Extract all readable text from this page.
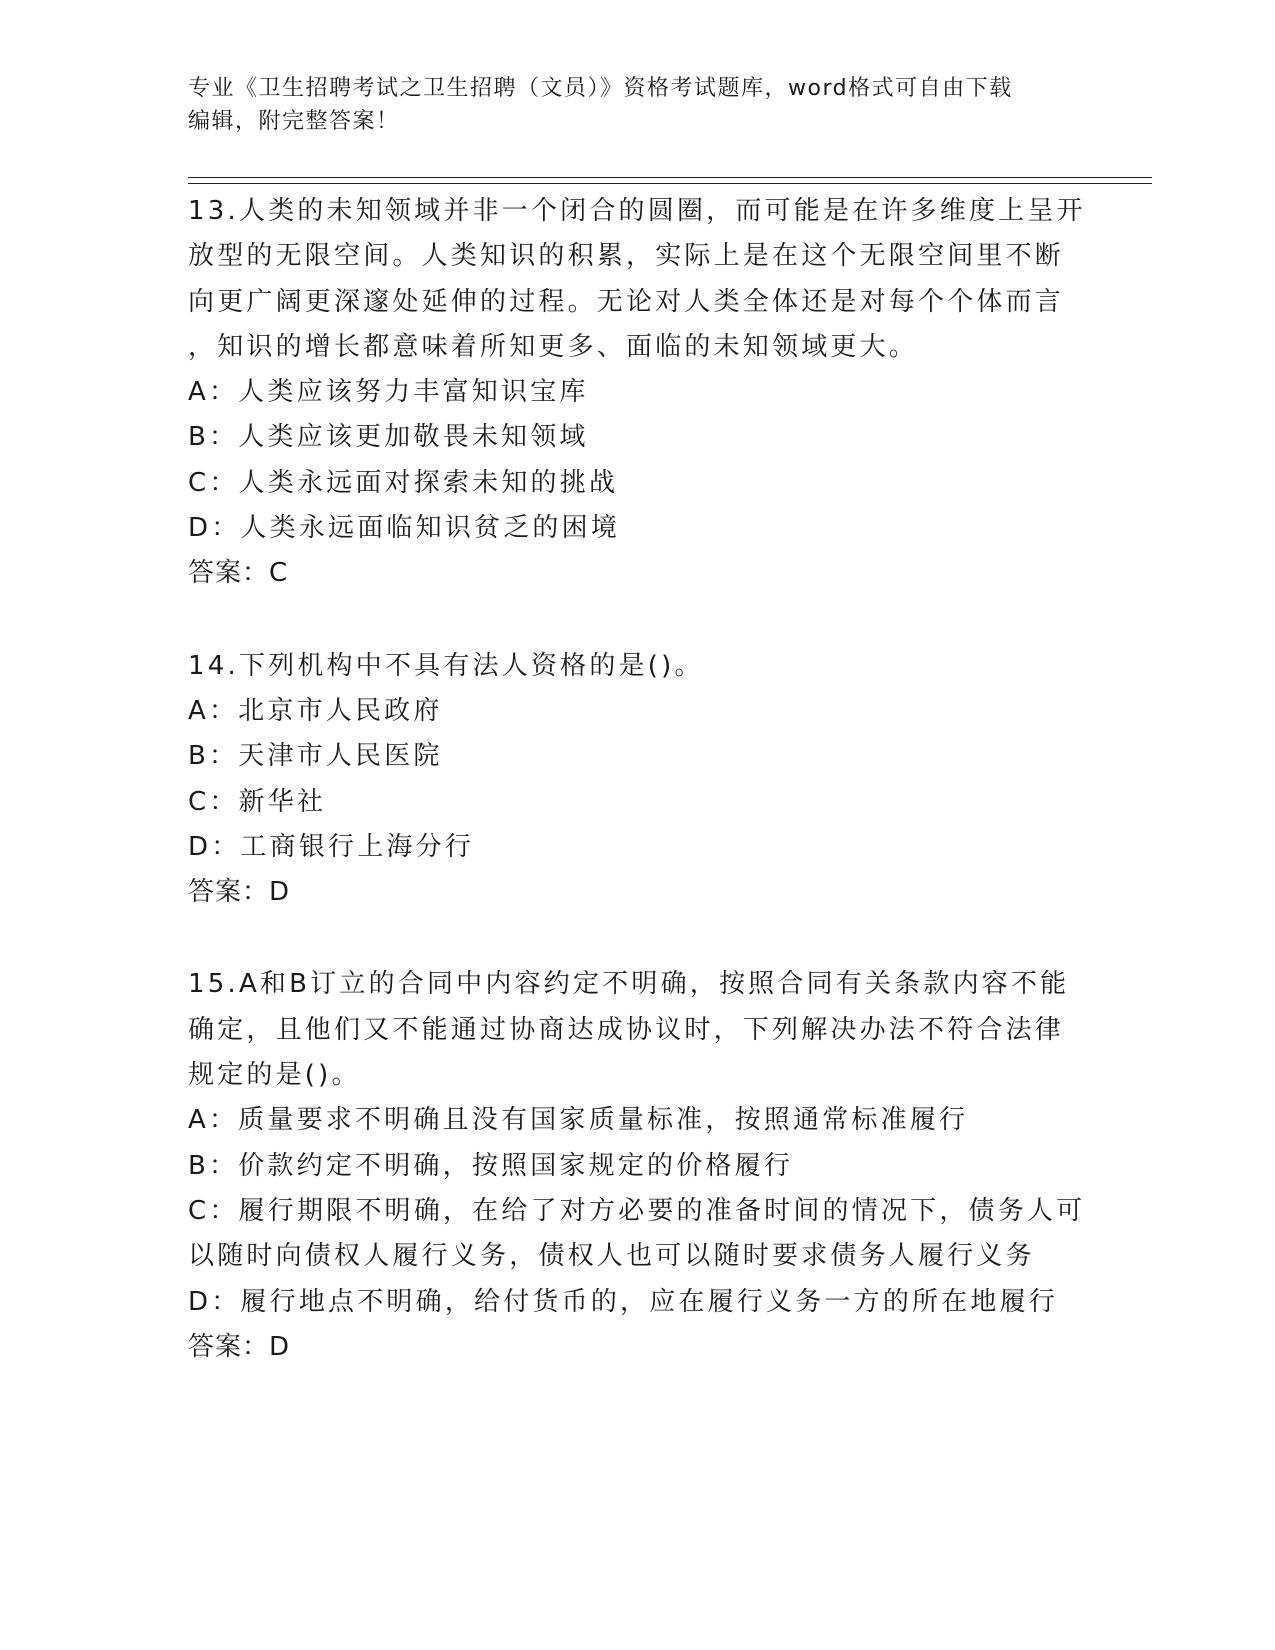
专业《卫生招聘考试之卫生招聘（文员）》资格考试题库，word格式可自由下载
编辑，附完整答案！
13.人类的未知领域并非一个闭合的圆圈，而可能是在许多维度上呈开
放型的无限空间。人类知识的积累，实际上是在这个无限空间里不断
向更广阔更深邃处延伸的过程。无论对人类全体还是对每个个体而言
，知识的增长都意味着所知更多、面临的未知领域更大。
A：人类应该努力丰富知识宝库
B：人类应该更加敬畏未知领域
C：人类永远面对探索未知的挑战
D：人类永远面临知识贫乏的困境
答案：C
14.下列机构中不具有法人资格的是()。
A：北京市人民政府
B：天津市人民医院
C：新华社
D：工商银行上海分行
答案：D
15.A和B订立的合同中内容约定不明确，按照合同有关条款内容不能
确定，且他们又不能通过协商达成协议时，下列解决办法不符合法律
规定的是()。
A：质量要求不明确且没有国家质量标准，按照通常标准履行
B：价款约定不明确，按照国家规定的价格履行
C：履行期限不明确，在给了对方必要的准备时间的情况下，债务人可
以随时向债权人履行义务，债权人也可以随时要求债务人履行义务
D：履行地点不明确，给付货币的，应在履行义务一方的所在地履行
答案：D
